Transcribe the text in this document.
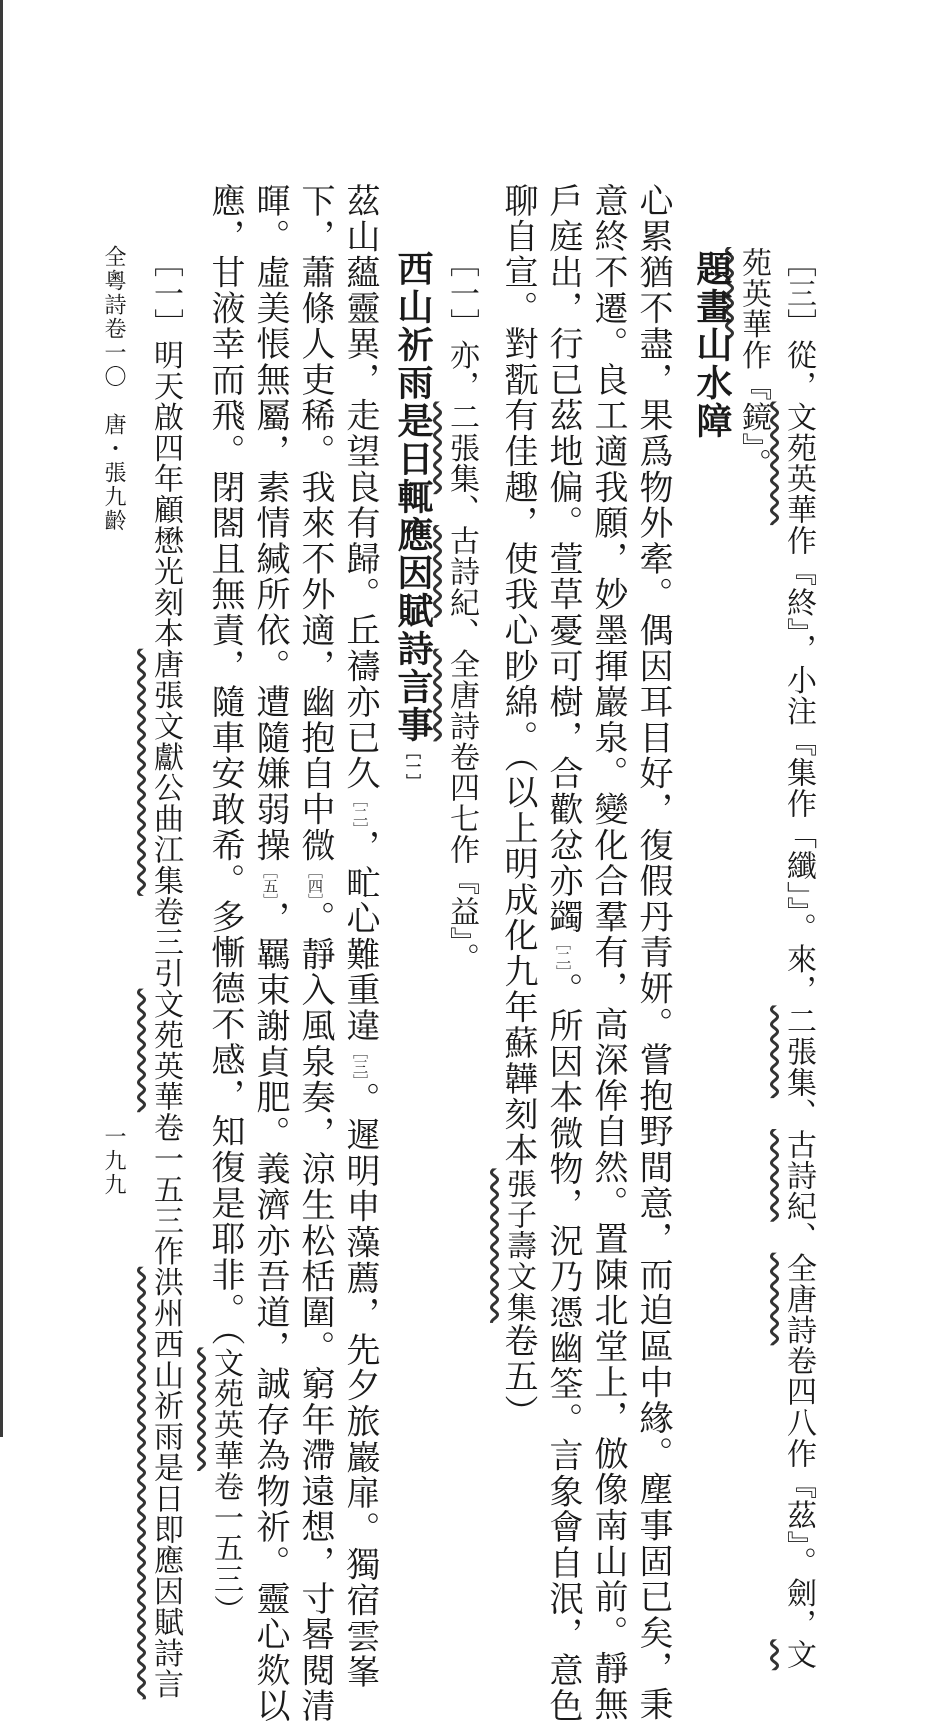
［三］從，文苑英華作『終』，小注『集作「纖」』。來，二張集、古詩紀、全唐詩卷四八作『茲』。劍，文
苑英華作『鏡』。
題畫山水障
心累猶不盡，果爲物外牽。偶因耳目好，復假丹青妍。嘗抱野間意，而迫區中緣。塵事固已矣，秉
意終不遷。良工適我願，妙墨揮巖泉。變化合羣有，高深侔自然。置陳北堂上，倣像南山前。靜無
戶庭出，行已茲地偏。萱草憂可樹，合歡忿亦蠲［二］。所因本微物，況乃憑幽筌。言象會自泯，意色
聊自宣。對翫有佳趣，使我心眇綿。（以上明成化九年蘇韡刻本張子壽文集卷五）
［一］亦，二張集、古詩紀、全唐詩卷四七作『益』。
西山祈雨是日輒應因賦詩言事［一］
茲山蘊靈異，走望良有歸。丘禱亦已久［二］，甿心難重違［三］。遲明申藻薦，先夕旅巖扉。獨宿雲峯
下，蕭條人吏稀。我來不外適，幽抱自中微［四］。靜入風泉奏，涼生松栝圍。窮年滯遠想，寸晷閱清
暉。虛美悵無屬，素情緘所依。遭隨嫌弱操［五］，羈束謝貞肥。義濟亦吾道，誠存為物祈。靈心欻以
應，甘液幸而飛。閉閤且無責，隨車安敢希。多慚德不感，知復是耶非。（文苑英華卷一五三）
［一］明天啟四年顧懋光刻本唐張文獻公曲江集卷三引文苑英華卷一五三作洪州西山祈雨是日即應因賦詩言
全粵詩卷一〇　唐・張九齡
一九九
